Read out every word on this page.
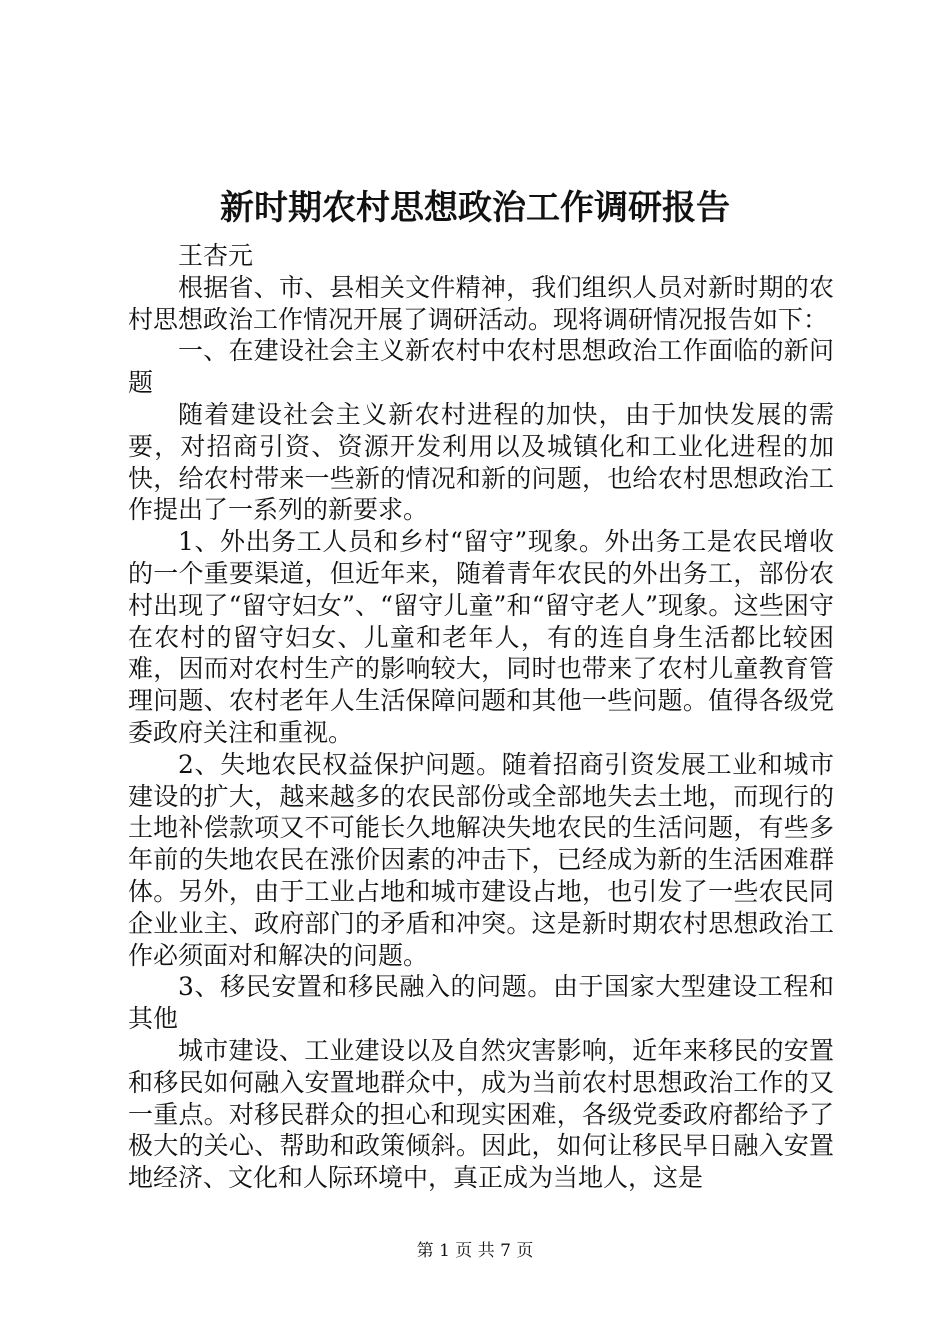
新时期农村思想政治工作调研报告

王杏元

根据省、市、县相关文件精神，我们组织人员对新时期的农村思想政治工作情况开展了调研活动。现将调研情况报告如下：

一、在建设社会主义新农村中农村思想政治工作面临的新问题

随着建设社会主义新农村进程的加快，由于加快发展的需要，对招商引资、资源开发利用以及城镇化和工业化进程的加快，给农村带来一些新的情况和新的问题，也给农村思想政治工作提出了一系列的新要求。

1、外出务工人员和乡村“留守”现象。外出务工是农民增收的一个重要渠道，但近年来，随着青年农民的外出务工，部份农村出现了“留守妇女”、“留守儿童”和“留守老人”现象。这些困守在农村的留守妇女、儿童和老年人，有的连自身生活都比较困难，因而对农村生产的影响较大，同时也带来了农村儿童教育管理问题、农村老年人生活保障问题和其他一些问题。值得各级党委政府关注和重视。

2、失地农民权益保护问题。随着招商引资发展工业和城市建设的扩大，越来越多的农民部份或全部地失去土地，而现行的土地补偿款项又不可能长久地解决失地农民的生活问题，有些多年前的失地农民在涨价因素的冲击下，已经成为新的生活困难群体。另外，由于工业占地和城市建设占地，也引发了一些农民同企业业主、政府部门的矛盾和冲突。这是新时期农村思想政治工作必须面对和解决的问题。

3、移民安置和移民融入的问题。由于国家大型建设工程和其他

城市建设、工业建设以及自然灾害影响，近年来移民的安置和移民如何融入安置地群众中，成为当前农村思想政治工作的又一重点。对移民群众的担心和现实困难，各级党委政府都给予了极大的关心、帮助和政策倾斜。因此，如何让移民早日融入安置地经济、文化和人际环境中，真正成为当地人，这是

第 1 页 共 7 页
